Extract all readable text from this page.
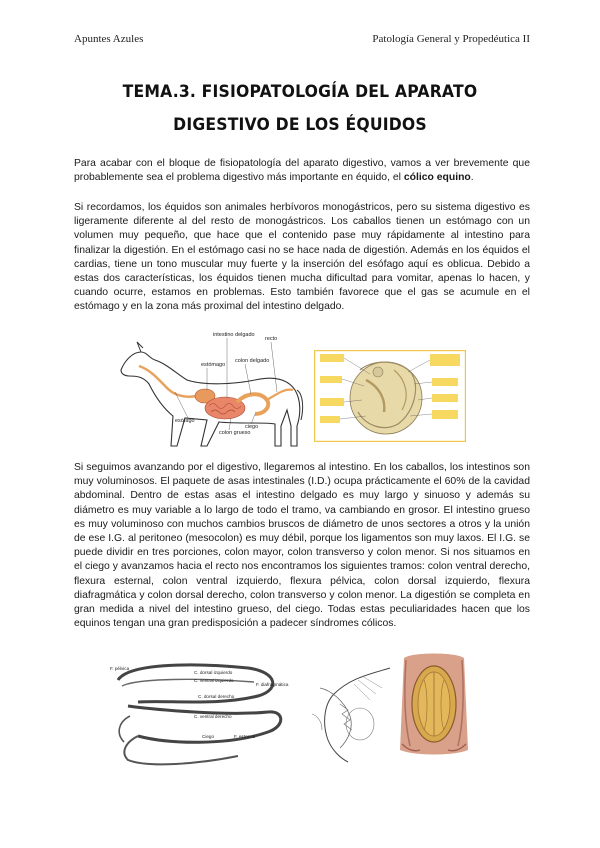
Apuntes Azules	Patología General y Propedéutica II
TEMA.3. FISIOPATOLOGÍA DEL APARATO DIGESTIVO DE LOS ÉQUIDOS

Para acabar con el bloque de fisiopatología del aparato digestivo, vamos a ver brevemente que probablemente sea el problema digestivo más importante en équido, el cólico equino.

Si recordamos, los équidos son animales herbívoros monogástricos, pero su sistema digestivo es ligeramente diferente al del resto de monogástricos. Los caballos tienen un estómago con un volumen muy pequeño, que hace que el contenido pase muy rápidamente al intestino para finalizar la digestión. En el estómago casi no se hace nada de digestión. Además en los équidos el cardias, tiene un tono muscular muy fuerte y la inserción del esófago aquí es oblicua. Debido a estas dos características, los équidos tienen mucha dificultad para vomitar, apenas lo hacen, y cuando ocurre, estamos en problemas. Esto también favorece que el gas se acumule en el estómago y en la zona más proximal del intestino delgado.

intestino delgado
recto
estómago
colon delgado
esófago
colon grueso
ciego

Si seguimos avanzando por el digestivo, llegaremos al intestino. En los caballos, los intestinos son muy voluminosos. El paquete de asas intestinales (I.D.) ocupa prácticamente el 60% de la cavidad abdominal. Dentro de estas asas el intestino delgado es muy largo y sinuoso y además su diámetro es muy variable a lo largo de todo el tramo, va cambiando en grosor. El intestino grueso es muy voluminoso con muchos cambios bruscos de diámetro de unos sectores a otros y la unión de ese I.G. al peritoneo (mesocolon) es muy débil, porque los ligamentos son muy laxos. El I.G. se puede dividir en tres porciones, colon mayor, colon transverso y colon menor. Si nos situamos en el ciego y avanzamos hacia el recto nos encontramos los siguientes tramos: colon ventral derecho, flexura esternal, colon ventral izquierdo, flexura pélvica, colon dorsal izquierdo, flexura diafragmática y colon dorsal derecho, colon transverso y colon menor. La digestión se completa en gran medida a nivel del intestino grueso, del ciego. Todas estas peculiaridades hacen que los equinos tengan una gran predisposición a padecer síndromes cólicos.

F. pélvica
F. diafragmática
C. dorsal izquierdo
C. ventral izquierdo
C. dorsal derecho
C. ventral derecho
F. esternal
Ciego
